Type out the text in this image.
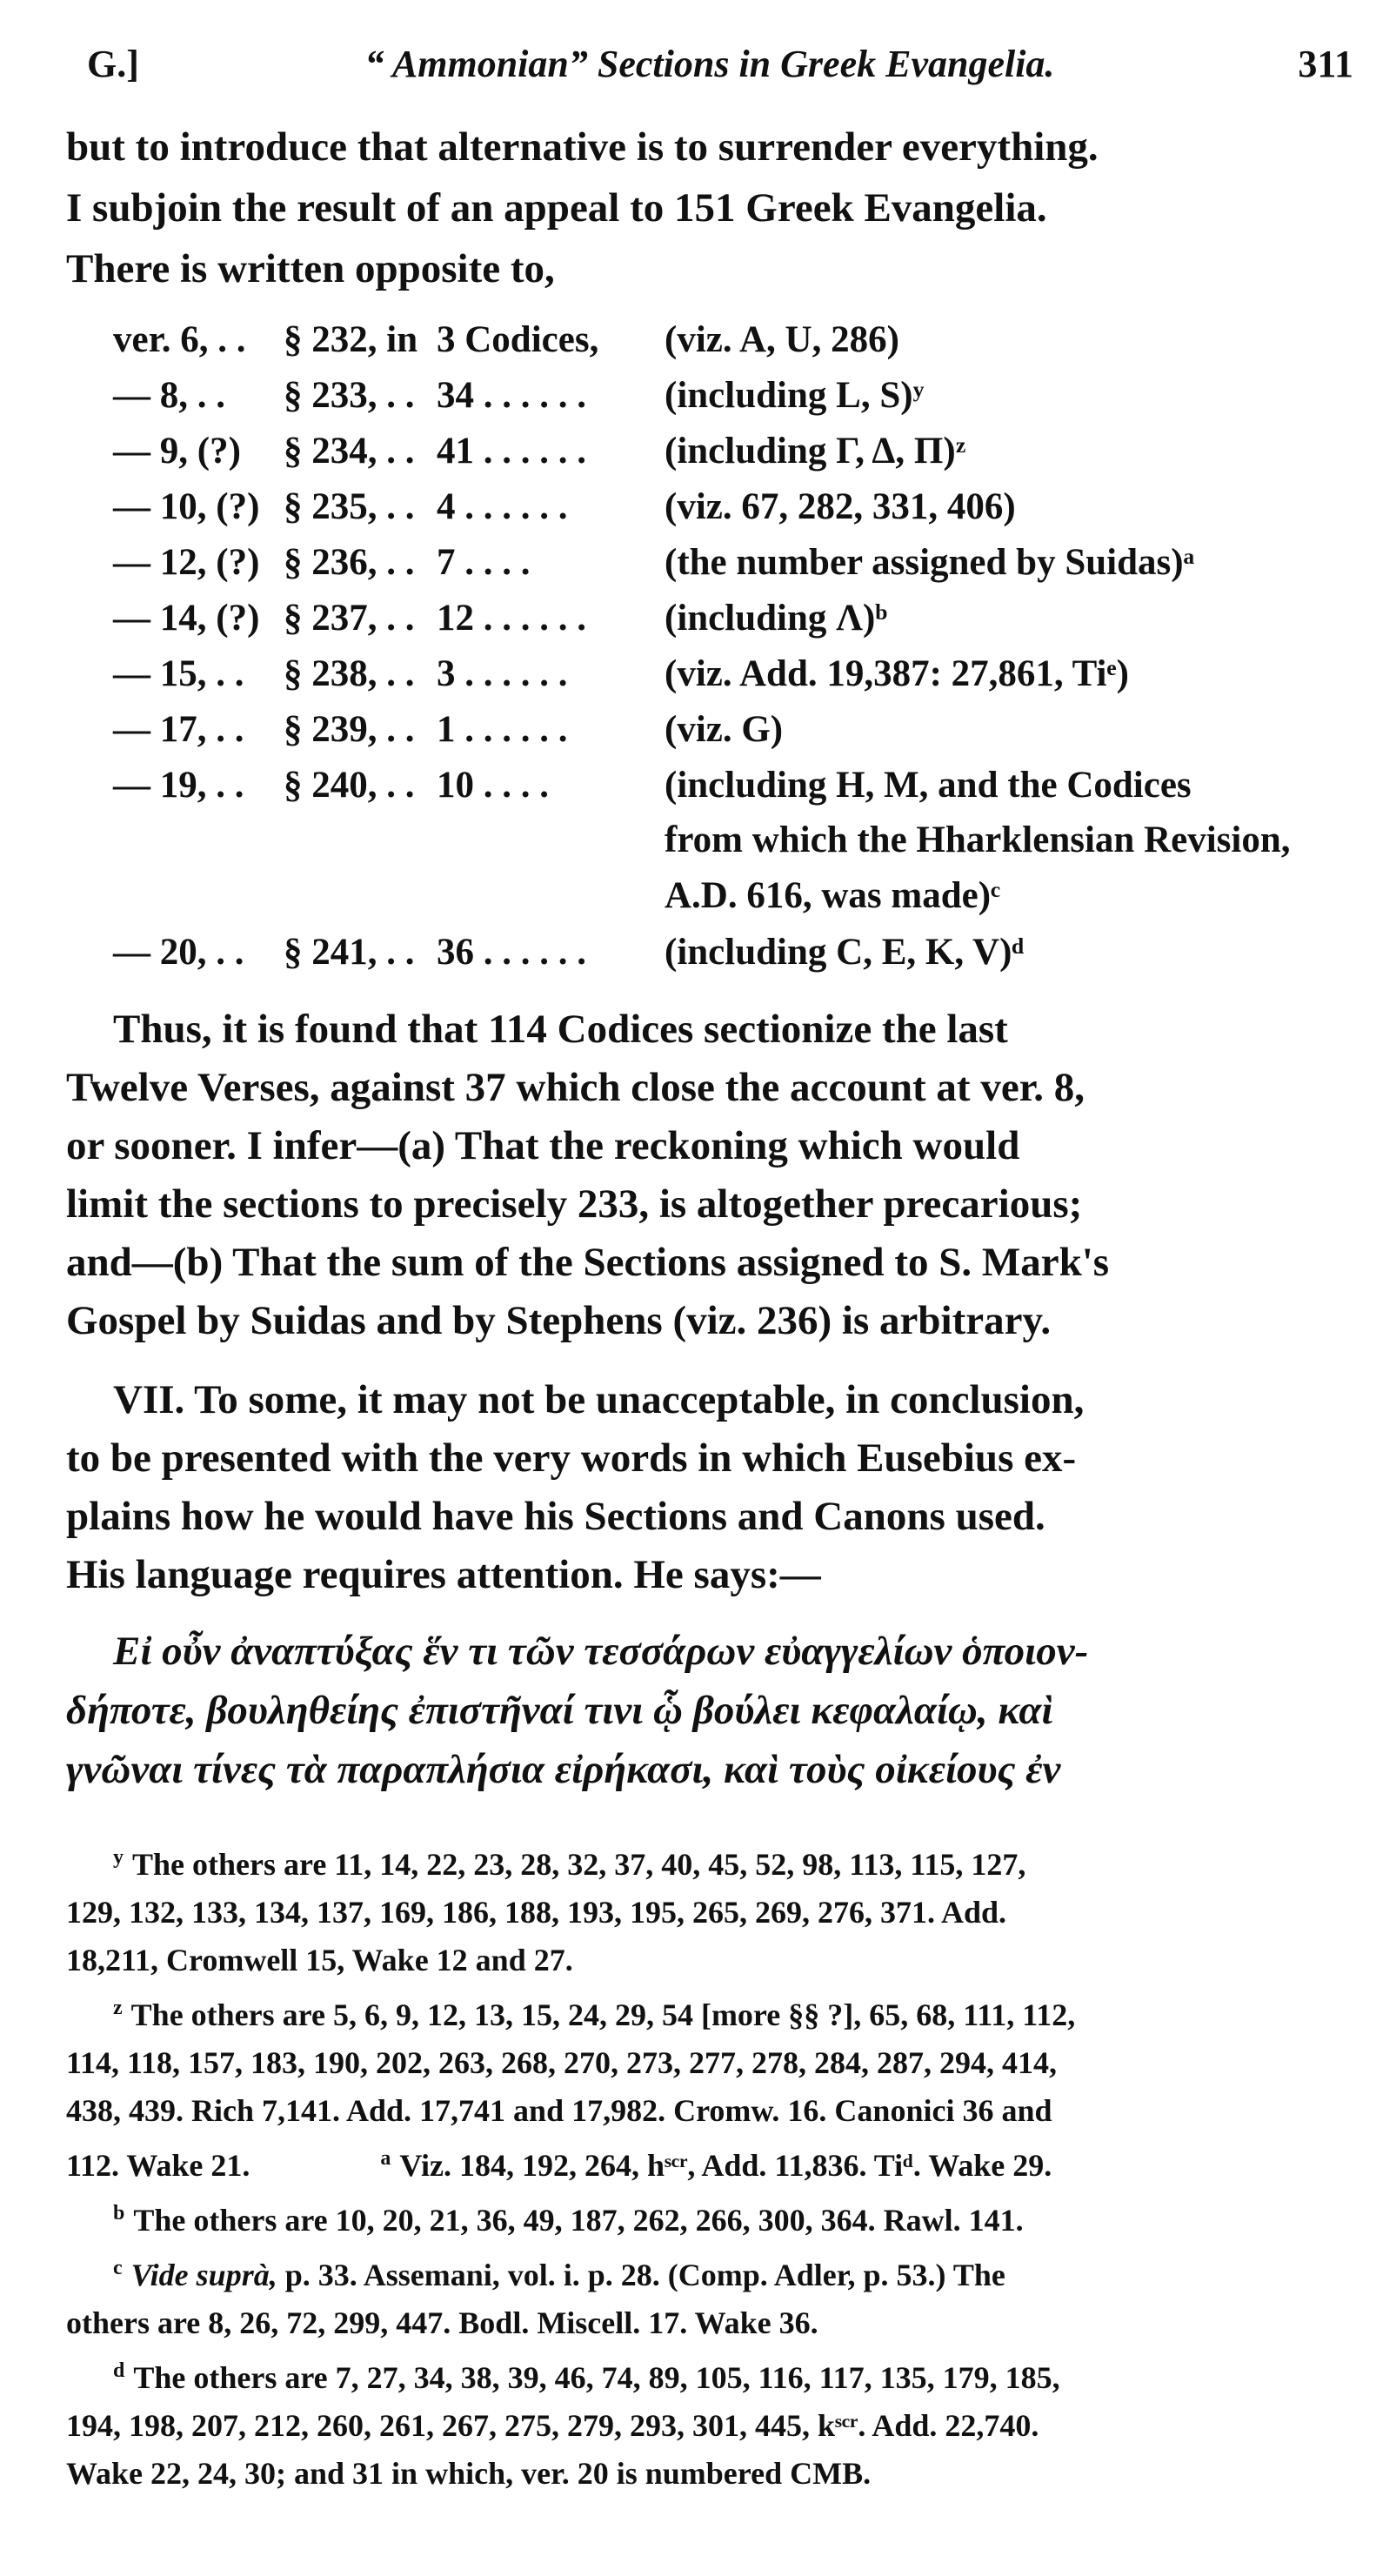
G.]	“ Ammonian” Sections in Greek Evangelia.	311
but to introduce that alternative is to surrender everything.
I subjoin the result of an appeal to 151 Greek Evangelia.
There is written opposite to,
ver. 6, . .	§ 232, in 3 Codices,	(viz. A, U, 286)
— 8, . .	§ 233, . . 34 . . . . . .	(including L, S)ʸ
— 9, (?)	§ 234, . . 41 . . . . . .	(including Γ, Δ, Π)ᶻ
— 10, (?) § 235, . . 4 . . . . . .	(viz. 67, 282, 331, 406)
— 12, (?) § 236, . . 7 . . . .	(the number assigned by Suidas)ᵃ
— 14, (?) § 237, . . 12 . . . . . .	(including Λ)ᵇ
— 15, . .	§ 238, . . 3 . . . . . .	(viz. Add. 19,387: 27,861, Tiᵉ)
— 17, . .	§ 239, . . 1 . . . . . .	(viz. G)
— 19, . .	§ 240, . . 10 . . . .	(including H, M, and the Codices
from which the Hharklensian Revision,
A.D. 616, was made)ᶜ
— 20, . .	§ 241, . . 36 . . . . . .	(including C, E, K, V)ᵈ
Thus, it is found that 114 Codices sectionize the last
Twelve Verses, against 37 which close the account at ver. 8,
or sooner. I infer—(a) That the reckoning which would
limit the sections to precisely 233, is altogether precarious;
and—(b) That the sum of the Sections assigned to S. Mark's
Gospel by Suidas and by Stephens (viz. 236) is arbitrary.
VII. To some, it may not be unacceptable, in conclusion,
to be presented with the very words in which Eusebius ex-
plains how he would have his Sections and Canons used.
His language requires attention. He says:—
Εἰ οὖν ἀναπτύξας ἕν τι τῶν τεσσάρων εὐαγγελίων ὁποιον-
δήποτε, βουληθείης ἐπιστῆναί τινι ᾧ βούλει κεφαλαίῳ, καὶ
γνῶναι τίνες τὰ παραπλήσια εἰρήκασι, καὶ τοὺς οἰκείους ἐν
$^y$ The others are 11, 14, 22, 23, 28, 32, 37, 40, 45, 52, 98, 113, 115, 127,
129, 132, 133, 134, 137, 169, 186, 188, 193, 195, 265, 269, 276, 371. Add.
18,211, Cromwell 15, Wake 12 and 27.
$^z$ The others are 5, 6, 9, 12, 13, 15, 24, 29, 54 [more §§ ?], 65, 68, 111, 112,
114, 118, 157, 183, 190, 202, 263, 268, 270, 273, 277, 278, 284, 287, 294, 414,
438, 439. Rich 7,141. Add. 17,741 and 17,982. Cromw. 16. Canonici 36 and
112. Wake 21.	$^a$ Viz. 184, 192, 264, hˢᶜʳ, Add. 11,836. Tiᵈ. Wake 29.
$^b$ The others are 10, 20, 21, 36, 49, 187, 262, 266, 300, 364. Rawl. 141.
$^c$ Vide suprà, p. 33. Assemani, vol. i. p. 28. (Comp. Adler, p. 53.) The
others are 8, 26, 72, 299, 447. Bodl. Miscell. 17. Wake 36.
$^d$ The others are 7, 27, 34, 38, 39, 46, 74, 89, 105, 116, 117, 135, 179, 185,
194, 198, 207, 212, 260, 261, 267, 275, 279, 293, 301, 445, kˢᶜʳ. Add. 22,740.
Wake 22, 24, 30; and 31 in which, ver. 20 is numbered CMB.
